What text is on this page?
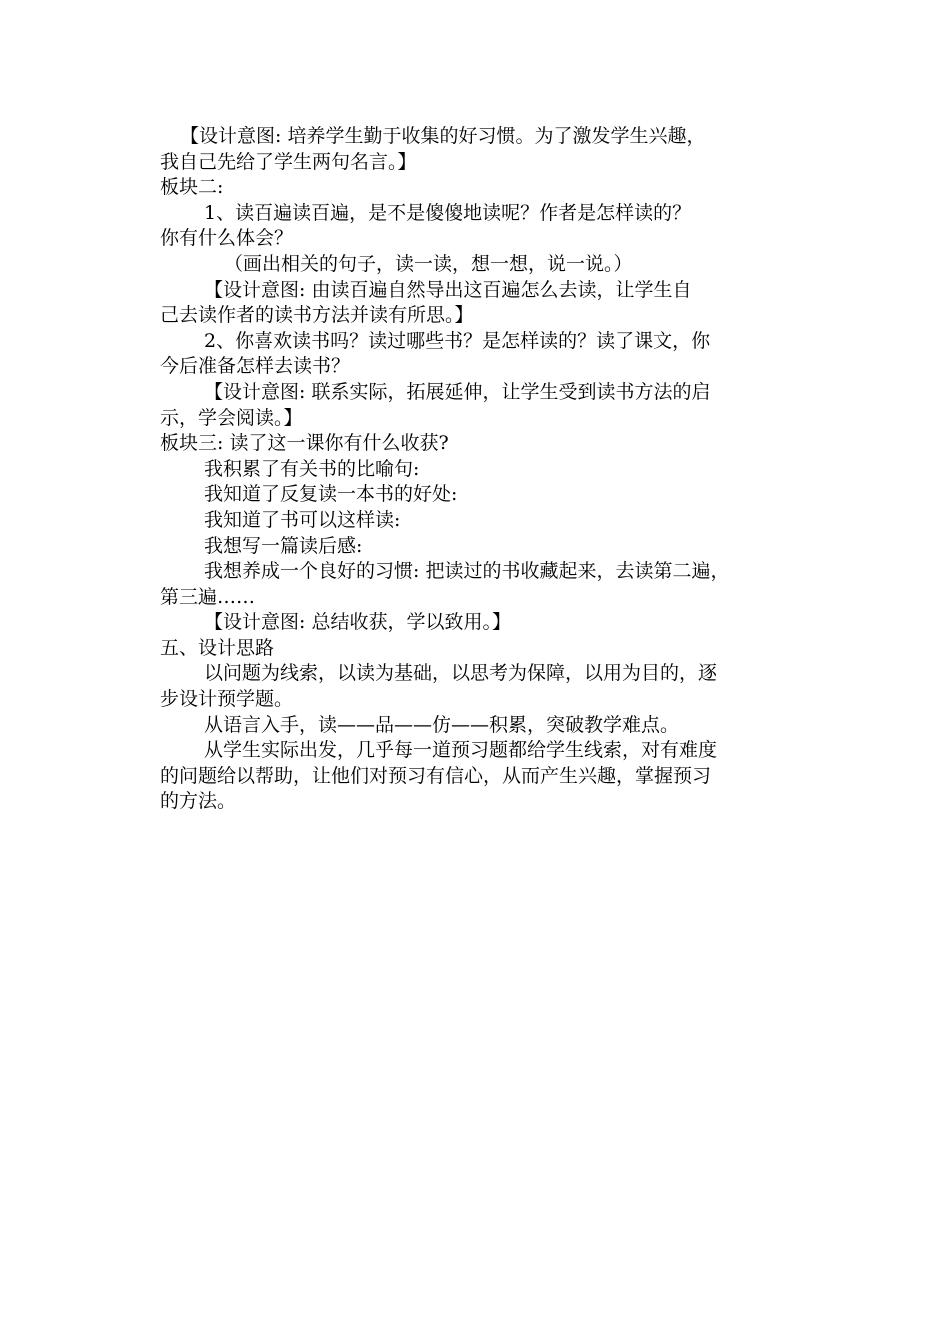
【设计意图: 培养学生勤于收集的好习惯。为了激发学生兴趣，
我自己先给了学生两句名言。】
板块二:
1、读百遍读百遍，是不是傻傻地读呢？作者是怎样读的？
你有什么体会？
（画出相关的句子，读一读，想一想，说一说。）
【设计意图: 由读百遍自然导出这百遍怎么去读，让学生自
己去读作者的读书方法并读有所思。】
2、你喜欢读书吗？读过哪些书？是怎样读的？读了课文，你
今后准备怎样去读书？
【设计意图: 联系实际，拓展延伸，让学生受到读书方法的启
示，学会阅读。】
板块三: 读了这一课你有什么收获?
我积累了有关书的比喻句:
我知道了反复读一本书的好处:
我知道了书可以这样读:
我想写一篇读后感:
我想养成一个良好的习惯: 把读过的书收藏起来，去读第二遍，
第三遍……
【设计意图: 总结收获，学以致用。】
五、设计思路
以问题为线索，以读为基础，以思考为保障，以用为目的，逐
步设计预学题。
从语言入手，读——品——仿——积累，突破教学难点。
从学生实际出发，几乎每一道预习题都给学生线索，对有难度
的问题给以帮助，让他们对预习有信心，从而产生兴趣，掌握预习
的方法。
